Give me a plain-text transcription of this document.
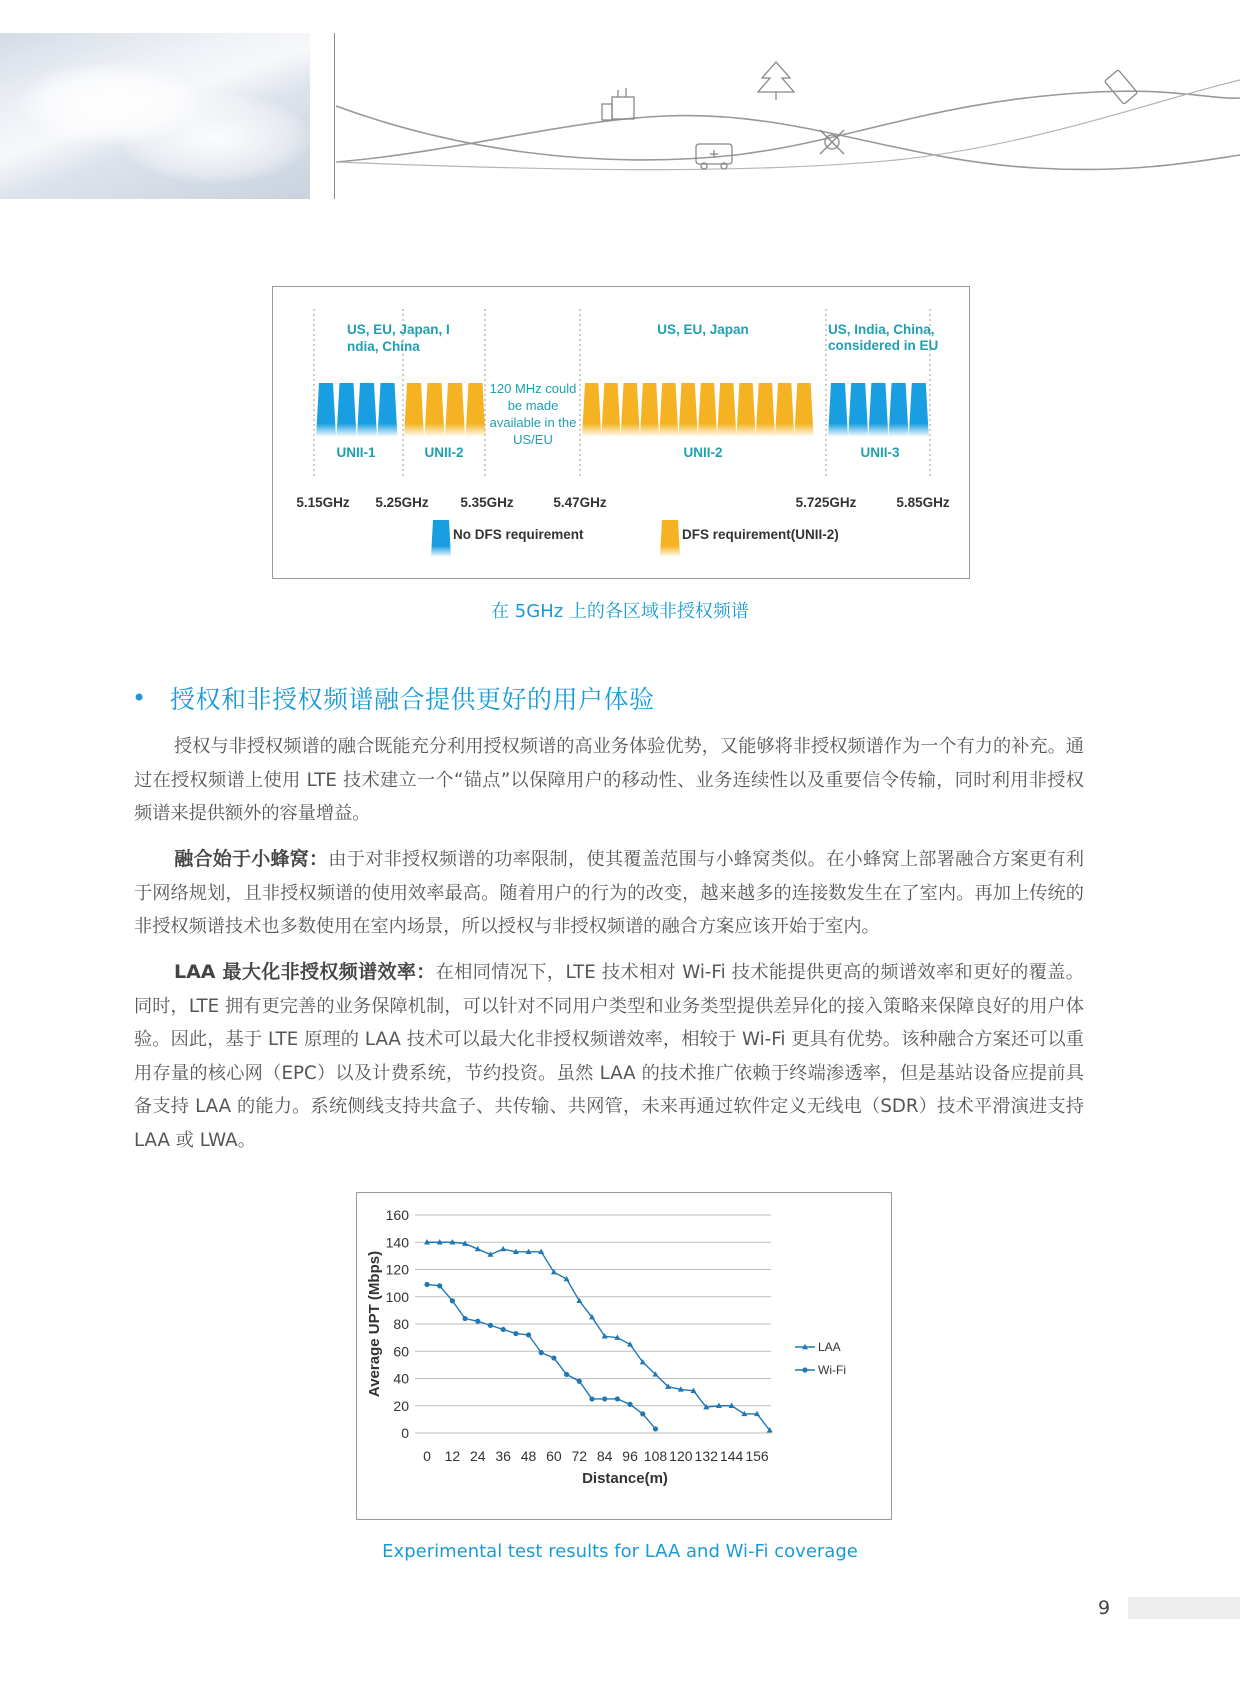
US, EU, Japan, I
ndia, China
US, EU, Japan	US, India, China,
considered in EU
UNII-1	UNII-2	UNII-2	UNII-3
120 MHz could
be made
available in the
US/EU
5.15GHz 5.25GHz 5.35GHz	5.47GHz	5.725GHz	5.85GHz
No DFS requirement	DFS requirement(UNII-2)
在 5GHz 上的各区域非授权频谱
• 授权和非授权频谱融合提供更好的用户体验

授权与非授权频谱的融合既能充分利用授权频谱的高业务体验优势，又能够将非授权频谱作为一个有力的补充。通过在授权频谱上使用 LTE 技术建立一个“锚点”以保障用户的移动性、业务连续性以及重要信令传输，同时利用非授权频谱来提供额外的容量增益。

融合始于小蜂窝：由于对非授权频谱的功率限制，使其覆盖范围与小蜂窝类似。在小蜂窝上部署融合方案更有利于网络规划，且非授权频谱的使用效率最高。随着用户的行为的改变，越来越多的连接数发生在了室内。再加上传统的非授权频谱技术也多数使用在室内场景，所以授权与非授权频谱的融合方案应该开始于室内。

LAA 最大化非授权频谱效率：在相同情况下，LTE 技术相对 Wi-Fi 技术能提供更高的频谱效率和更好的覆盖。同时，LTE 拥有更完善的业务保障机制，可以针对不同用户类型和业务类型提供差异化的接入策略来保障良好的用户体验。因此，基于 LTE 原理的 LAA 技术可以最大化非授权频谱效率，相较于 Wi-Fi 更具有优势。该种融合方案还可以重用存量的核心网（EPC）以及计费系统，节约投资。虽然 LAA 的技术推广依赖于终端渗透率，但是基站设备应提前具备支持 LAA 的能力。系统侧线支持共盒子、共传输、共网管，未来再通过软件定义无线电（SDR）技术平滑演进支持 LAA 或 LWA。

160
140
120
100
80
60
40
20
0
0 12 24 36 48 60 72 84 96 108 120 132 144 156
Distance(m)
Average UPT (Mbps)	LAA
Wi-Fi
Experimental test results for LAA and Wi-Fi coverage
9
